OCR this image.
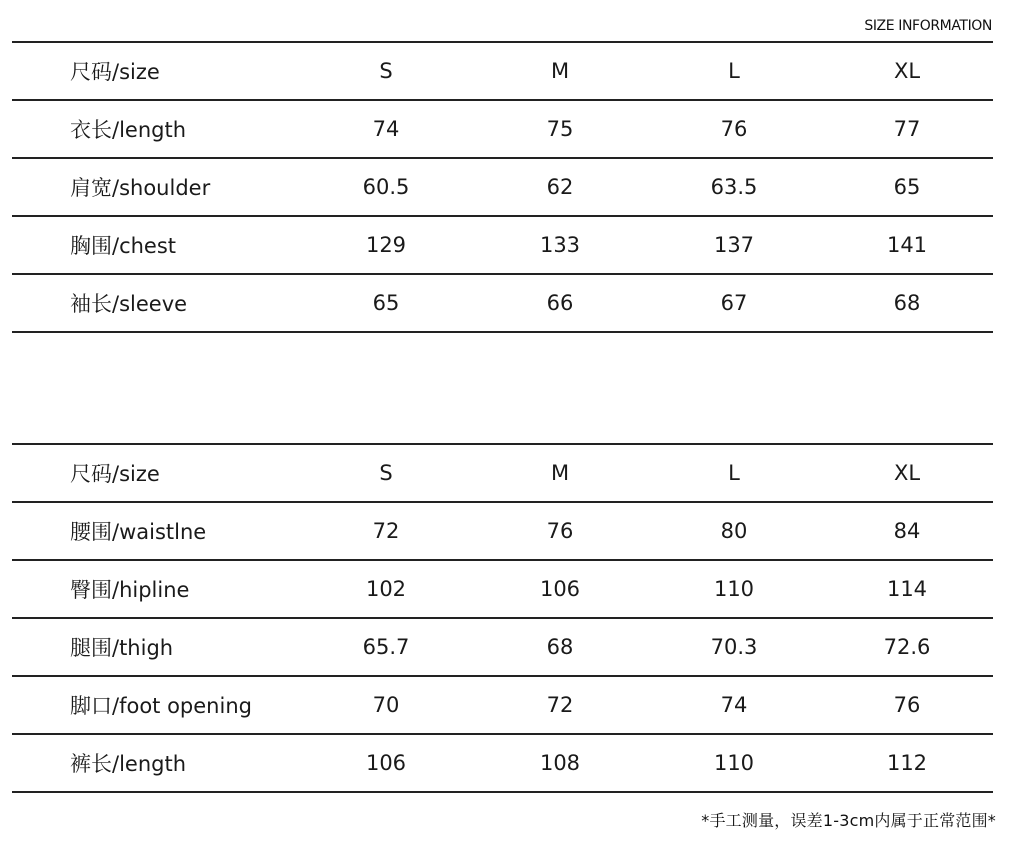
SIZE INFORMATION
尺码/size	S	M	L	XL
衣长/length	74	75	76	77
肩宽/shoulder	60.5	62	63.5	65
胸围/chest	129	133	137	141
袖长/sleeve	65	66	67	68
尺码/size	S	M	L	XL
腰围/waistlne	72	76	80	84
臀围/hipline	102	106	110	114
腿围/thigh	65.7	68	70.3	72.6
脚口/foot opening	70	72	74	76
裤长/length	106	108	110	112
*手工测量，误差1-3cm内属于正常范围*
